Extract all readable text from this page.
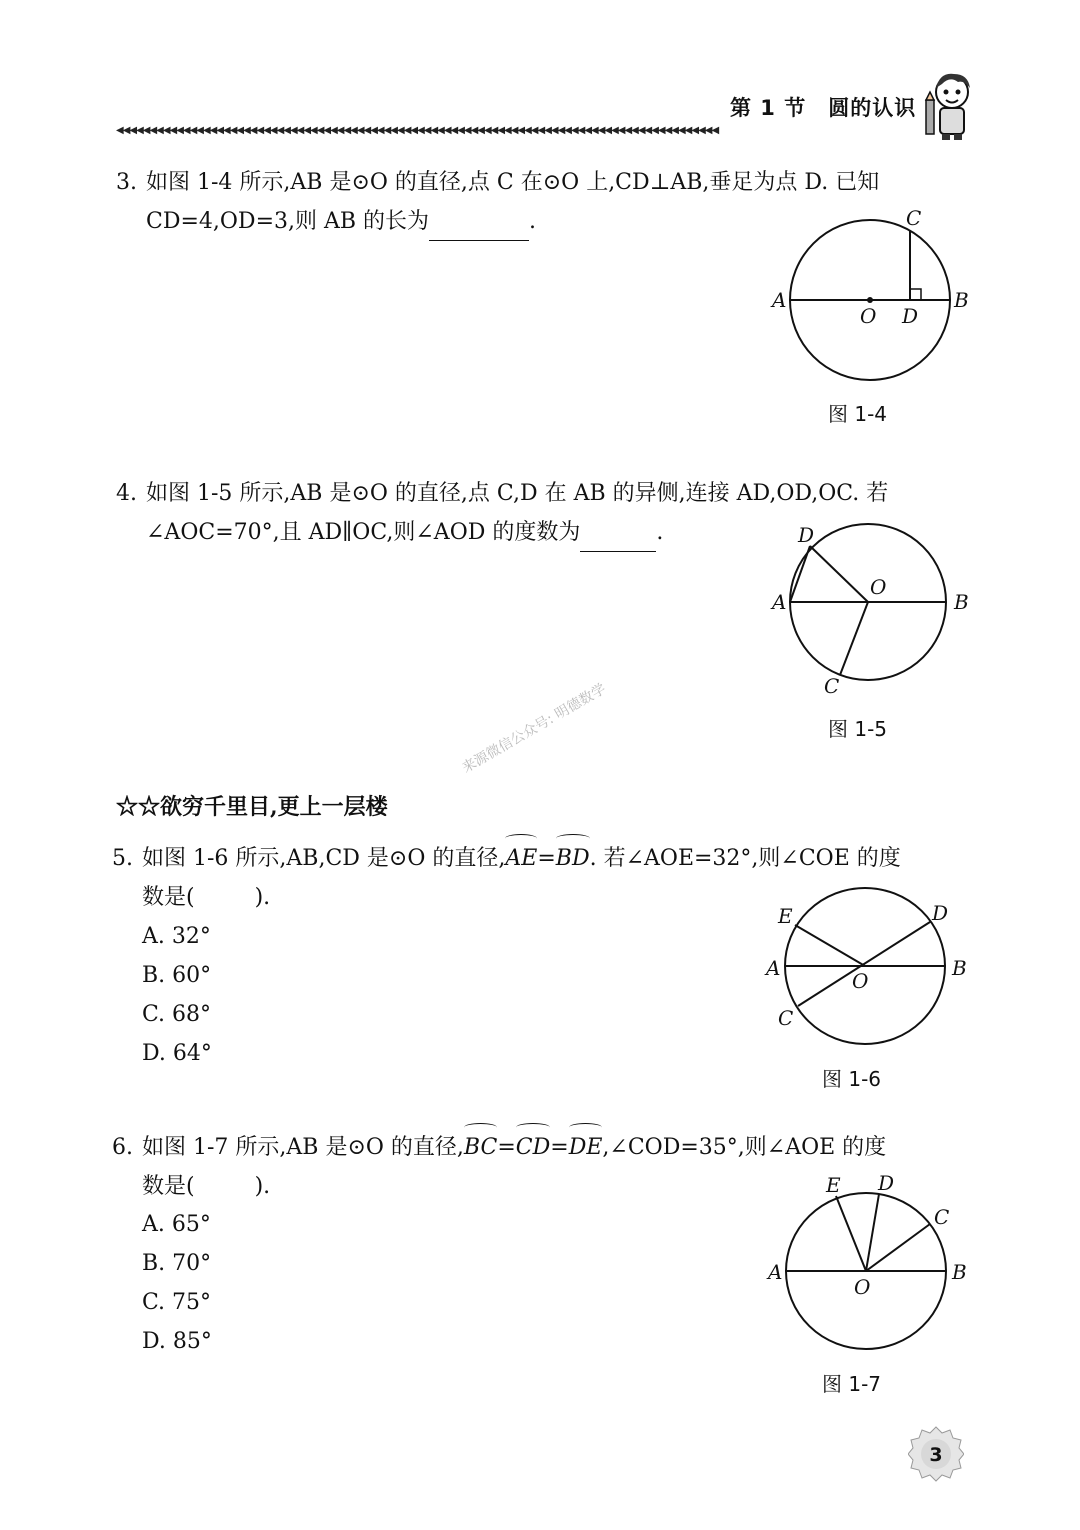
第 1 节　圆的认识
◀◀◀◀◀◀◀◀◀◀◀◀◀◀◀◀◀◀◀◀◀◀◀◀◀◀◀◀◀◀◀◀◀◀◀◀◀◀◀◀◀◀◀◀◀◀◀◀◀◀◀◀◀◀◀◀◀◀◀◀◀◀◀◀◀◀◀◀◀◀◀◀◀◀◀◀◀◀◀◀◀◀◀◀◀◀◀◀◀◀
3. 如图 1-4 所示,AB 是⊙O 的直径,点 C 在⊙O 上,CD⊥AB,垂足为点 D. 已知
CD=4,OD=3,则 AB 的长为	.
A	B
C
D
O
图 1-4
4. 如图 1-5 所示,AB 是⊙O 的直径,点 C,D 在 AB 的异侧,连接 AD,OD,OC. 若
∠AOC=70°,且 AD∥OC,则∠AOD 的度数为	.
A	B
C
D
O
图 1-5
☆☆欲穷千里目,更上一层楼
来源微信公众号: 明德数学
5. 如图 1-6 所示,AB,CD 是⊙O 的直径,AE=BD. 若∠AOE=32°,则∠COE 的度
数是(	).
A. 32°
B. 60°
C. 68°
D. 64°
A	B
C
D
E
O
图 1-6
6. 如图 1-7 所示,AB 是⊙O 的直径,BC=CD=DE,∠COD=35°,则∠AOE 的度
数是(	).
A. 65°
B. 70°
C. 75°
D. 85°
A	B
C
D
E
O
图 1-7
3
